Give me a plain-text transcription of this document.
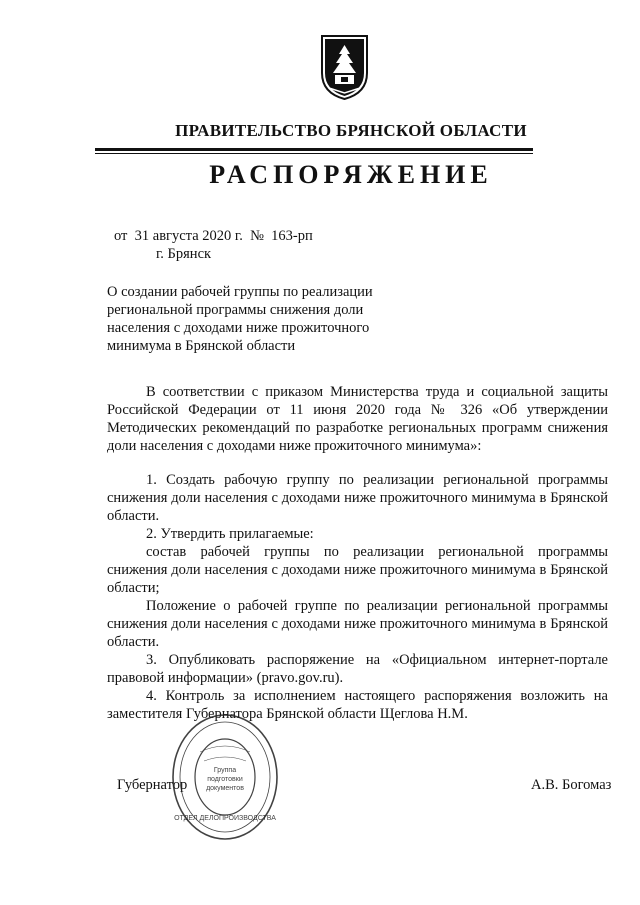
ПРАВИТЕЛЬСТВО БРЯНСКОЙ ОБЛАСТИ
РАСПОРЯЖЕНИЕ
от  31 августа 2020 г.  №  163-рп
г. Брянск
О создании рабочей группы по реализации
региональной программы снижения доли
населения с доходами ниже прожиточного
минимума в Брянской области

В соответствии с приказом Министерства труда и социальной защиты Российской Федерации от 11 июня 2020 года № 326 «Об утверждении Методических рекомендаций по разработке региональных программ снижения доли населения с доходами ниже прожиточного минимума»:

1. Создать рабочую группу по реализации региональной программы снижения доли населения с доходами ниже прожиточного минимума в Брянской области.

2. Утвердить прилагаемые:

состав рабочей группы по реализации региональной программы снижения доли населения с доходами ниже прожиточного минимума в Брянской области;

Положение о рабочей группе по реализации региональной программы снижения доли населения с доходами ниже прожиточного минимума в Брянской области.

3. Опубликовать распоряжение на «Официальном интернет-портале правовой информации» (pravo.gov.ru).

4. Контроль за исполнением настоящего распоряжения возложить на заместителя Губернатора Брянской области Щеглова Н.М.

Губернатор	А.В. Богомаз
Группа
подготовки
документов
ОТДЕЛ ДЕЛОПРОИЗВОДСТВА
